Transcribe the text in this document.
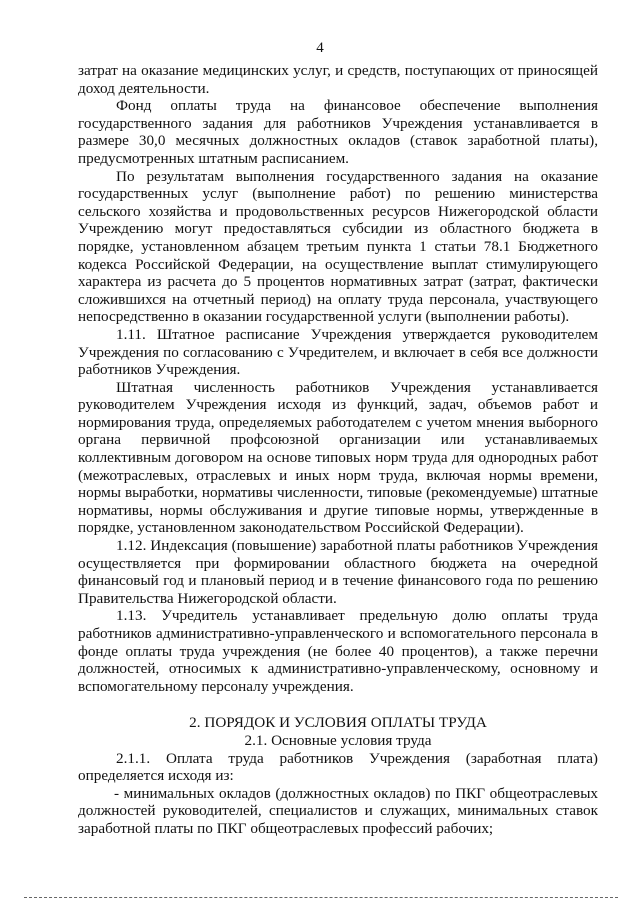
4

затрат на оказание медицинских услуг, и средств, поступающих от приносящей доход деятельности.

Фонд оплаты труда на финансовое обеспечение выполнения государственного задания для работников Учреждения устанавливается в размере 30,0 месячных должностных окладов (ставок заработной платы), предусмотренных штатным расписанием.

По результатам выполнения государственного задания на оказание государственных услуг (выполнение работ) по решению министерства сельского хозяйства и продовольственных ресурсов Нижегородской области Учреждению могут предоставляться субсидии из областного бюджета в порядке, установленном абзацем третьим пункта 1 статьи 78.1 Бюджетного кодекса Российской Федерации, на осуществление выплат стимулирующего характера из расчета до 5 процентов нормативных затрат (затрат, фактически сложившихся на отчетный период) на оплату труда персонала, участвующего непосредственно в оказании государственной услуги (выполнении работы).

1.11. Штатное расписание Учреждения утверждается руководителем Учреждения по согласованию с Учредителем, и включает в себя все должности работников Учреждения.

Штатная численность работников Учреждения устанавливается руководителем Учреждения исходя из функций, задач, объемов работ и нормирования труда, определяемых работодателем с учетом мнения выборного органа первичной профсоюзной организации или устанавливаемых коллективным договором на основе типовых норм труда для однородных работ (межотраслевых, отраслевых и иных норм труда, включая нормы времени, нормы выработки, нормативы численности, типовые (рекомендуемые) штатные нормативы, нормы обслуживания и другие типовые нормы, утвержденные в порядке, установленном законодательством Российской Федерации).

1.12. Индексация (повышение) заработной платы работников Учреждения осуществляется при формировании областного бюджета на очередной финансовый год и плановый период и в течение финансового года по решению Правительства Нижегородской области.

1.13. Учредитель устанавливает предельную долю оплаты труда работников административно-управленческого и вспомогательного персонала в фонде оплаты труда учреждения (не более 40 процентов), а также перечни должностей, относимых к административно-управленческому, основному и вспомогательному персоналу учреждения.

2. ПОРЯДОК И УСЛОВИЯ ОПЛАТЫ ТРУДА
2.1. Основные условия труда

2.1.1. Оплата труда работников Учреждения (заработная плата) определяется исходя из:

- минимальных окладов (должностных окладов) по ПКГ общеотраслевых должностей руководителей, специалистов и служащих, минимальных ставок заработной платы по ПКГ общеотраслевых профессий рабочих;
